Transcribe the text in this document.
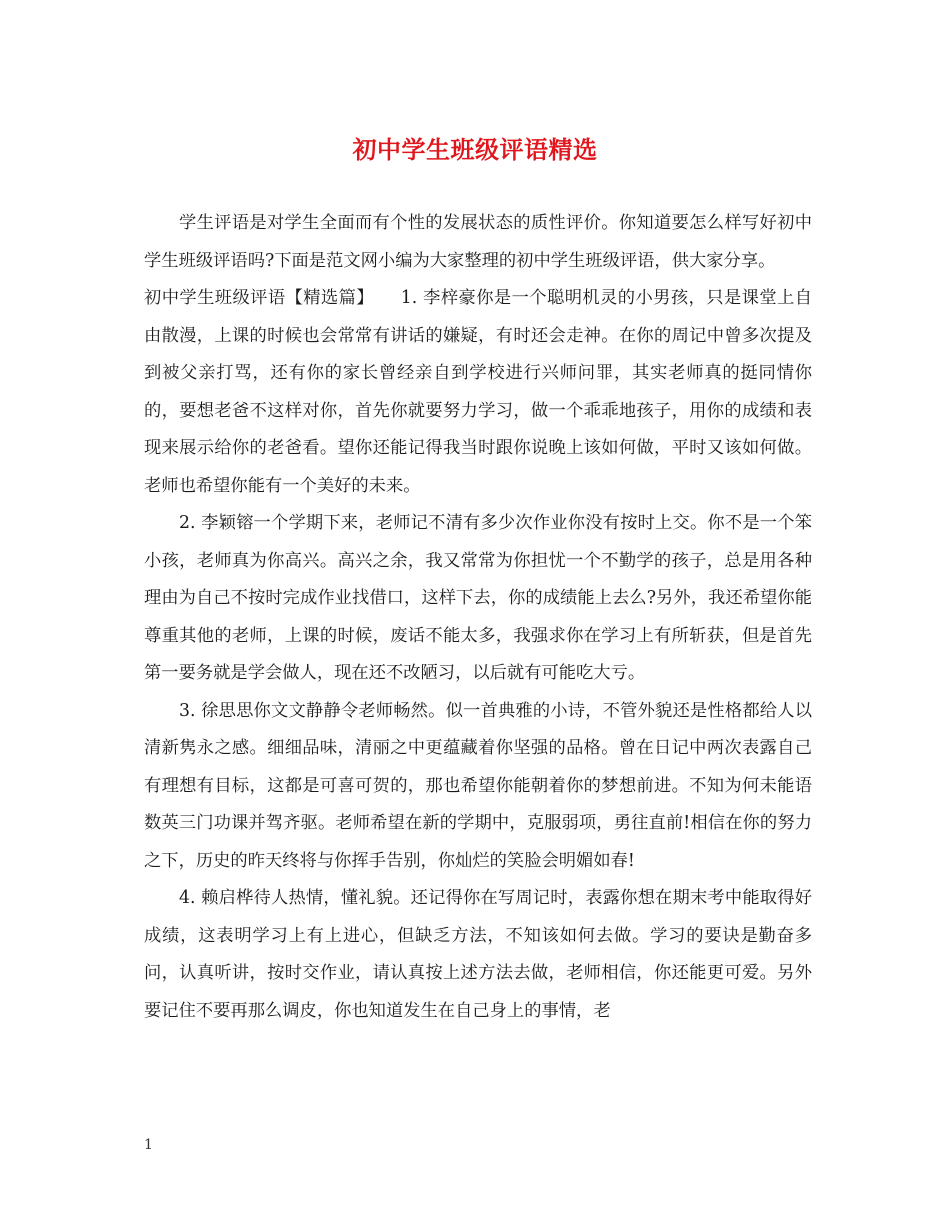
初中学生班级评语精选

学生评语是对学生全面而有个性的发展状态的质性评价。你知道要怎么样写好初中学生班级评语吗?下面是范文网小编为大家整理的初中学生班级评语，供大家分享。

初中学生班级评语【精选篇】　　1. 李梓豪你是一个聪明机灵的小男孩，只是课堂上自由散漫，上课的时候也会常常有讲话的嫌疑，有时还会走神。在你的周记中曾多次提及到被父亲打骂，还有你的家长曾经亲自到学校进行兴师问罪，其实老师真的挺同情你的，要想老爸不这样对你，首先你就要努力学习，做一个乖乖地孩子，用你的成绩和表现来展示给你的老爸看。望你还能记得我当时跟你说晚上该如何做，平时又该如何做。老师也希望你能有一个美好的未来。

2. 李颖镕一个学期下来，老师记不清有多少次作业你没有按时上交。你不是一个笨小孩，老师真为你高兴。高兴之余，我又常常为你担忧一个不勤学的孩子，总是用各种理由为自己不按时完成作业找借口，这样下去，你的成绩能上去么?另外，我还希望你能尊重其他的老师，上课的时候，废话不能太多，我强求你在学习上有所斩获，但是首先第一要务就是学会做人，现在还不改陋习，以后就有可能吃大亏。

3. 徐思思你文文静静令老师畅然。似一首典雅的小诗，不管外貌还是性格都给人以清新隽永之感。细细品味，清丽之中更蕴藏着你坚强的品格。曾在日记中两次表露自己有理想有目标，这都是可喜可贺的，那也希望你能朝着你的梦想前进。不知为何未能语数英三门功课并驾齐驱。老师希望在新的学期中，克服弱项，勇往直前!相信在你的努力之下，历史的昨天终将与你挥手告别，你灿烂的笑脸会明媚如春!

4. 赖启桦待人热情，懂礼貌。还记得你在写周记时，表露你想在期末考中能取得好成绩，这表明学习上有上进心，但缺乏方法，不知该如何去做。学习的要诀是勤奋多问，认真听讲，按时交作业，请认真按上述方法去做，老师相信，你还能更可爱。另外要记住不要再那么调皮，你也知道发生在自己身上的事情，老

1
